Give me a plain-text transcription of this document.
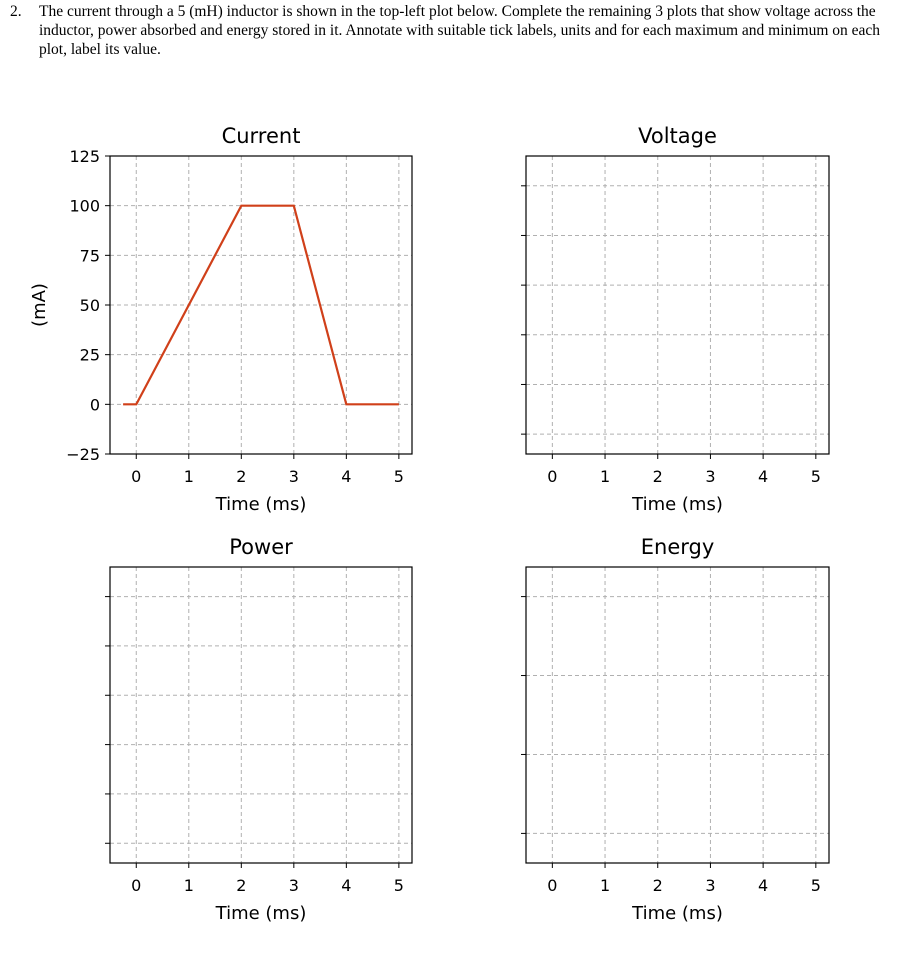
2. The current through a 5 (mH) inductor is shown in the top-left plot below. Complete the remaining 3 plots that show voltage across the inductor, power absorbed and energy stored in it. Annotate with suitable tick labels, units and for each maximum and minimum on each plot, label its value.
0	1	2	3	4	5
−25
0
25
50
75
100
125
Current
Time (ms)
(mA)
0	1	2	3	4	5
Voltage
Time (ms)
0	1	2	3	4	5
Power
Time (ms)
0	1	2	3	4	5
Energy
Time (ms)
